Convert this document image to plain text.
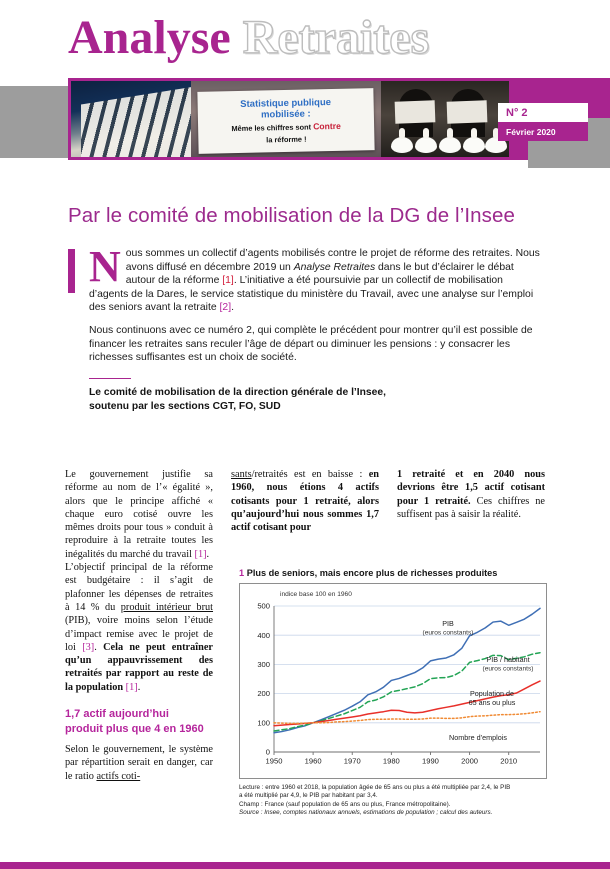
Analyse Retraites
Statistique publique
mobilisée :
Même les chiffres sont Contre
la réforme !
N° 2
Février 2020
Par le comité de mobilisation de la DG de l’Insee

Nous sommes un collectif d’agents mobilisés contre le projet de réforme des retraites. Nous avons diffusé en décembre 2019 un Analyse Retraites dans le but d’éclairer le débat autour de la réforme [1]. L’initiative a été poursuivie par un collectif de mobilisation d’agents de la Dares, le service statistique du ministère du Travail, avec une analyse sur l’emploi des seniors avant la retraite [2].

Nous continuons avec ce numéro 2, qui complète le précédent pour montrer qu’il est possible de financer les retraites sans reculer l’âge de départ ou diminuer les pensions : y consacrer les richesses suffisantes est un choix de société.

Le comité de mobilisation de la direction générale de l’Insee,
soutenu par les sections CGT, FO, SUD

Le gouvernement justifie sa réforme au nom de l’« égalité », alors que le principe affiché « chaque euro cotisé ouvre les mêmes droits pour tous » conduit à reproduire à la retraite toutes les inégalités du marché du travail [1].

L’objectif principal de la réforme est budgétaire : il s’agit de plafonner les dépenses de retraites à 14 % du produit intérieur brut (PIB), voire moins selon l’étude d’impact remise avec le projet de loi [3]. Cela ne peut entraîner qu’un appauvrissement des retraités par rapport au reste de la population [1].

1,7 actif aujourd’hui
produit plus que 4 en 1960

Selon le gouvernement, le système par répartition serait en danger, car le ratio actifs coti-

sants/retraités est en baisse : en 1960, nous étions 4 actifs cotisants pour 1 retraité, alors qu’aujourd’hui nous sommes 1,7 actif cotisant pour

1 retraité et en 2040 nous devrions être 1,5 actif cotisant pour 1 retraité. Ces chiffres ne suffisent pas à saisir la réalité.

1 Plus de seniors, mais encore plus de richesses produites
indice base 100 en 1960
0
100
200
300
400
500
1950	1960	1970	1980	1990	2000	2010
PIB
(euros constants)
PIB / habitant
(euros constants)
Population de
65 ans ou plus
Nombre d’emplois
Lecture : entre 1960 et 2018, la population âgée de 65 ans ou plus a été multipliée par 2,4, le PIB
a été multiplié par 4,9, le PIB par habitant par 3,4.
Champ : France (sauf population de 65 ans ou plus, France métropolitaine).
Source : Insee, comptes nationaux annuels, estimations de population ; calcul des auteurs.
